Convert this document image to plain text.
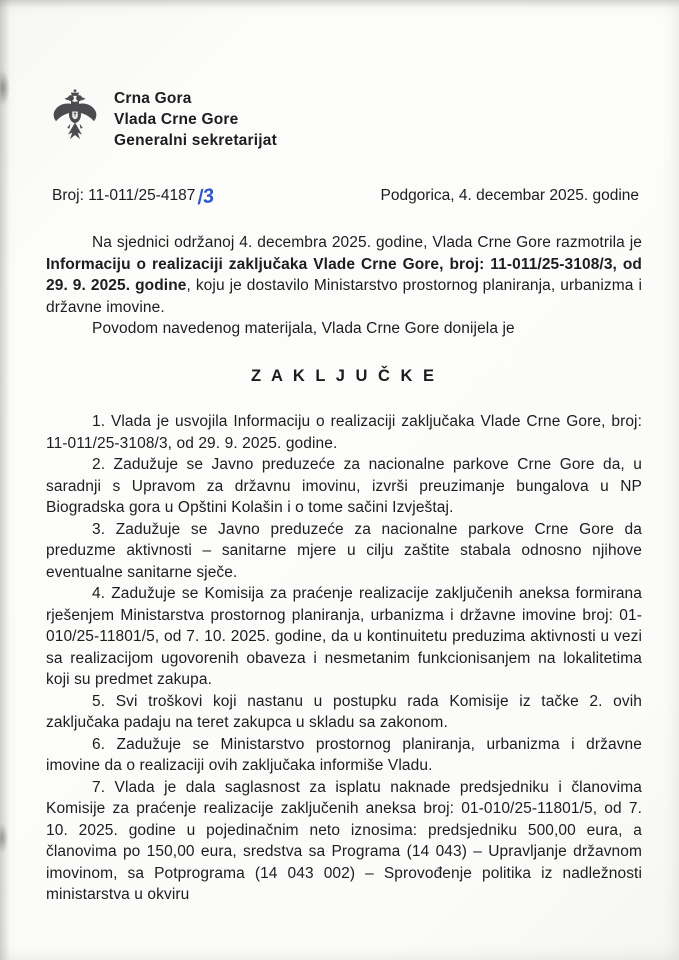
Crna Gora
Vlada Crne Gore
Generalni sekretarijat
Broj: 11-011/25-4187/3	Podgorica, 4. decembar 2025. godine

Na sjednici održanoj 4. decembra 2025. godine, Vlada Crne Gore razmotrila je Informaciju o realizaciji zaključaka Vlade Crne Gore, broj: 11-011/25-3108/3, od 29. 9. 2025. godine, koju je dostavilo Ministarstvo prostornog planiranja, urbanizma i državne imovine.

Povodom navedenog materijala, Vlada Crne Gore donijela je

Z A K L J U Č K E

1. Vlada je usvojila Informaciju o realizaciji zaključaka Vlade Crne Gore, broj: 11-011/25-3108/3, od 29. 9. 2025. godine.

2. Zadužuje se Javno preduzeće za nacionalne parkove Crne Gore da, u saradnji s Upravom za državnu imovinu, izvrši preuzimanje bungalova u NP Biogradska gora u Opštini Kolašin i o tome sačini Izvještaj.

3. Zadužuje se Javno preduzeće za nacionalne parkove Crne Gore da preduzme aktivnosti – sanitarne mjere u cilju zaštite stabala odnosno njihove eventualne sanitarne sječe.

4. Zadužuje se Komisija za praćenje realizacije zaključenih aneksa formirana rješenjem Ministarstva prostornog planiranja, urbanizma i državne imovine broj: 01-010/25-11801/5, od 7. 10. 2025. godine, da u kontinuitetu preduzima aktivnosti u vezi sa realizacijom ugovorenih obaveza i nesmetanim funkcionisanjem na lokalitetima koji su predmet zakupa.

5. Svi troškovi koji nastanu u postupku rada Komisije iz tačke 2. ovih zaključaka padaju na teret zakupca u skladu sa zakonom.

6. Zadužuje se Ministarstvo prostornog planiranja, urbanizma i državne imovine da o realizaciji ovih zaključaka informiše Vladu.

7. Vlada je dala saglasnost za isplatu naknade predsjedniku i članovima Komisije za praćenje realizacije zaključenih aneksa broj: 01-010/25-11801/5, od 7. 10. 2025. godine u pojedinačnim neto iznosima: predsjedniku 500,00 eura, a članovima po 150,00 eura, sredstva sa Programa (14 043) – Upravljanje državnom imovinom, sa Potprograma (14 043 002) – Sprovođenje politika iz nadležnosti ministarstva u okviru
